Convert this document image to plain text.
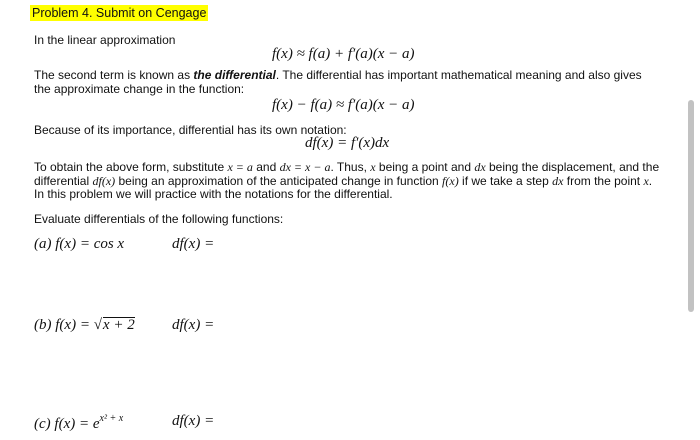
Problem 4. Submit on Cengage
In the linear approximation
f(x) ≈ f(a) + f′(a)(x − a)
The second term is known as the differential. The differential has important mathematical meaning and also gives the approximate change in the function:
f(x) − f(a) ≈ f′(a)(x − a)
Because of its importance, differential has its own notation:
df(x) = f′(x)dx
To obtain the above form, substitute x = a and dx = x − a. Thus, x being a point and dx being the displacement, and the differential df(x) being an approximation of the anticipated change in function f(x) if we take a step dx from the point x. In this problem we will practice with the notations for the differential.
Evaluate differentials of the following functions:
(a) f(x) = cos x	df(x) =
(b) f(x) = √x + 2 df(x) =
(c) $f(x) = e^{x^2 + x}$	df(x) =
